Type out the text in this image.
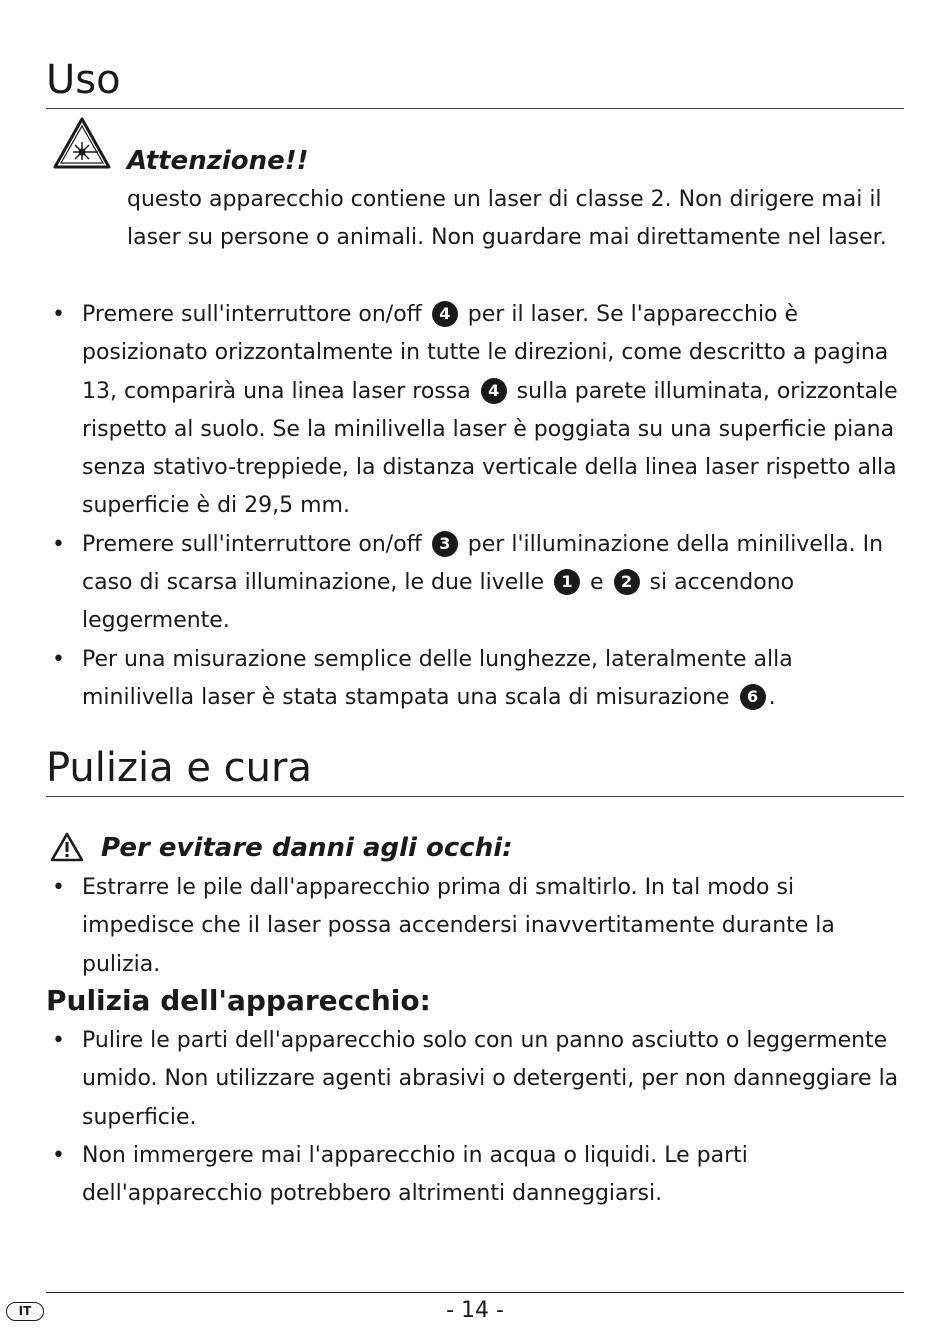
Uso

Attenzione!!

questo apparecchio contiene un laser di classe 2. Non dirigere mai il laser su persone o animali. Non guardare mai direttamente nel laser.

• Premere sull'interruttore on/off 4 per il laser. Se l'apparecchio è posizionato orizzontalmente in tutte le direzioni, come descritto a pagina 13, comparirà una linea laser rossa 4 sulla parete illuminata, orizzontale rispetto al suolo. Se la minilivella laser è poggiata su una superficie piana senza stativo-treppiede, la distanza verticale della linea laser rispetto alla superficie è di 29,5 mm.
• Premere sull'interruttore on/off 3 per l'illuminazione della minilivella. In caso di scarsa illuminazione, le due livelle 1 e 2 si accendono leggermente.
• Per una misurazione semplice delle lunghezze, lateralmente alla minilivella laser è stata stampata una scala di misurazione 6 .
Pulizia e cura

Per evitare danni agli occhi:

• Estrarre le pile dall'apparecchio prima di smaltirlo. In tal modo si impedisce che il laser possa accendersi inavvertitamente durante la pulizia.
Pulizia dell'apparecchio:
• Pulire le parti dell'apparecchio solo con un panno asciutto o leggermente umido. Non utilizzare agenti abrasivi o detergenti, per non danneggiare la superficie.
• Non immergere mai l'apparecchio in acqua o liquidi. Le parti dell'apparecchio potrebbero altrimenti danneggiarsi.
IT	- 14 -
